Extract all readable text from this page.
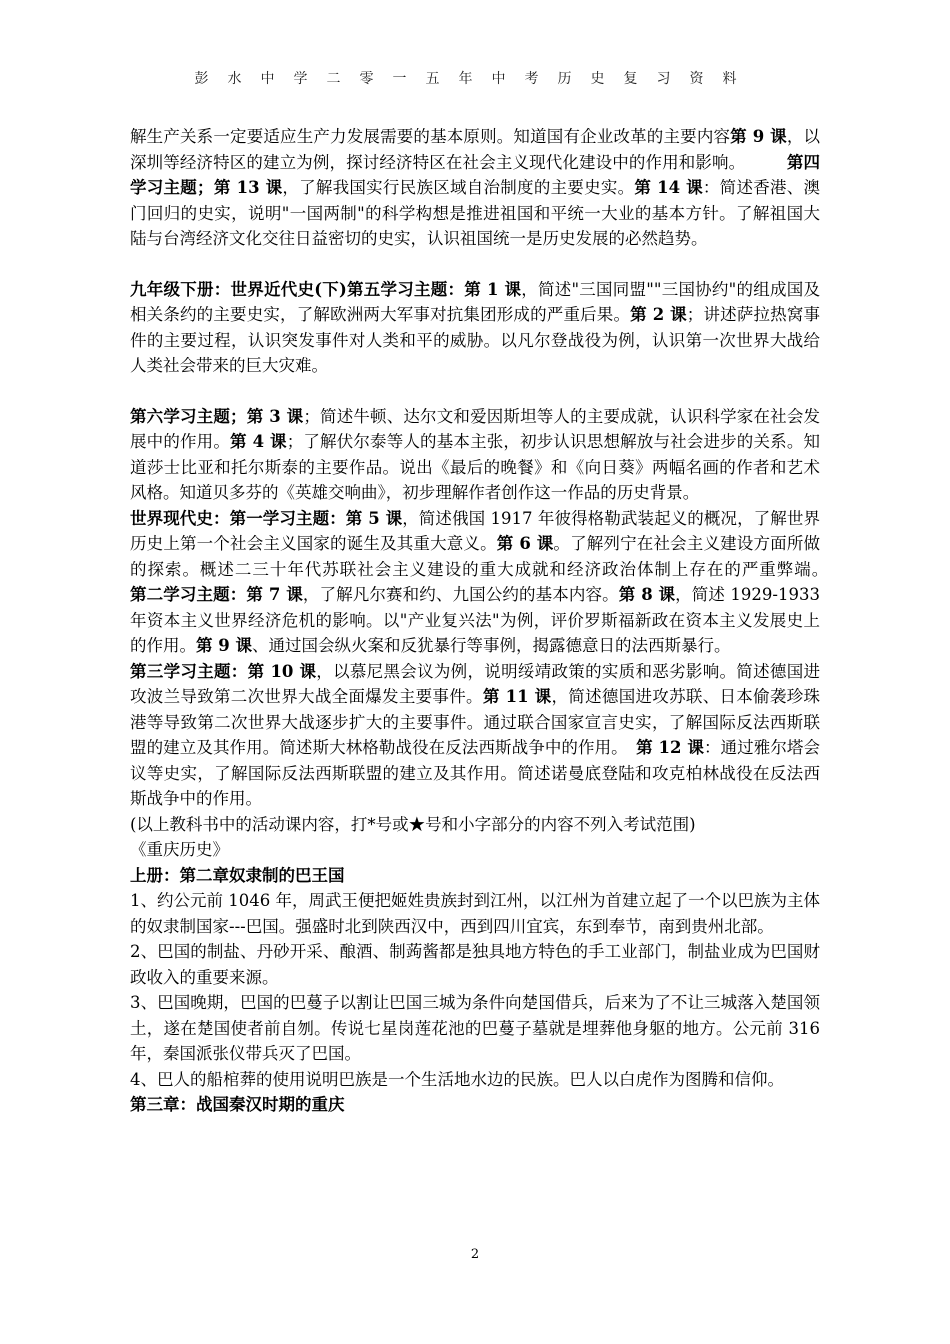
彭水中学二零一五年中考历史复习资料

解生产关系一定要适应生产力发展需要的基本原则。知道国有企业改革的主要内容第 9 课，以深圳等经济特区的建立为例，探讨经济特区在社会主义现代化建设中的作用和影响。　　　第四学习主题；第 13 课，了解我国实行民族区域自治制度的主要史实。第 14 课：简述香港、澳门回归的史实，说明"一国两制"的科学构想是推进祖国和平统一大业的基本方针。了解祖国大陆与台湾经济文化交往日益密切的史实，认识祖国统一是历史发展的必然趋势。

九年级下册：世界近代史(下)第五学习主题：第 1 课，简述"三国同盟""三国协约"的组成国及相关条约的主要史实，了解欧洲两大军事对抗集团形成的严重后果。第 2 课；讲述萨拉热窝事件的主要过程，认识突发事件对人类和平的威胁。以凡尔登战役为例，认识第一次世界大战给人类社会带来的巨大灾难。

第六学习主题；第 3 课；简述牛顿、达尔文和爱因斯坦等人的主要成就，认识科学家在社会发展中的作用。第 4 课；了解伏尔泰等人的基本主张，初步认识思想解放与社会进步的关系。知道莎士比亚和托尔斯泰的主要作品。说出《最后的晚餐》和《向日葵》两幅名画的作者和艺术风格。知道贝多芬的《英雄交响曲》，初步理解作者创作这一作品的历史背景。

世界现代史：第一学习主题：第 5 课，简述俄国 1917 年彼得格勒武装起义的概况，了解世界历史上第一个社会主义国家的诞生及其重大意义。第 6 课。了解列宁在社会主义建设方面所做的探索。概述二三十年代苏联社会主义建设的重大成就和经济政治体制上存在的严重弊端。　　　第二学习主题：第 7 课，了解凡尔赛和约、九国公约的基本内容。第 8 课，简述 1929-1933 年资本主义世界经济危机的影响。以"产业复兴法"为例，评价罗斯福新政在资本主义发展史上的作用。第 9 课、通过国会纵火案和反犹暴行等事例，揭露德意日的法西斯暴行。

第三学习主题：第 10 课，以慕尼黑会议为例，说明绥靖政策的实质和恶劣影响。简述德国进攻波兰导致第二次世界大战全面爆发主要事件。第 11 课，简述德国进攻苏联、日本偷袭珍珠港等导致第二次世界大战逐步扩大的主要事件。通过联合国家宣言史实，了解国际反法西斯联盟的建立及其作用。简述斯大林格勒战役在反法西斯战争中的作用。　第 12 课：通过雅尔塔会议等史实，了解国际反法西斯联盟的建立及其作用。简述诺曼底登陆和攻克柏林战役在反法西斯战争中的作用。

(以上教科书中的活动课内容，打*号或★号和小字部分的内容不列入考试范围)

《重庆历史》

上册：第二章奴隶制的巴王国

1、约公元前 1046 年，周武王便把姬姓贵族封到江州，以江州为首建立起了一个以巴族为主体的奴隶制国家---巴国。强盛时北到陕西汉中，西到四川宜宾，东到奉节，南到贵州北部。

2、巴国的制盐、丹砂开采、酿酒、制蒟酱都是独具地方特色的手工业部门，制盐业成为巴国财政收入的重要来源。

3、巴国晚期，巴国的巴蔓子以割让巴国三城为条件向楚国借兵，后来为了不让三城落入楚国领土，遂在楚国使者前自刎。传说七星岗莲花池的巴蔓子墓就是埋葬他身躯的地方。公元前 316 年，秦国派张仪带兵灭了巴国。

4、巴人的船棺葬的使用说明巴族是一个生活地水边的民族。巴人以白虎作为图腾和信仰。

第三章：战国秦汉时期的重庆

2
